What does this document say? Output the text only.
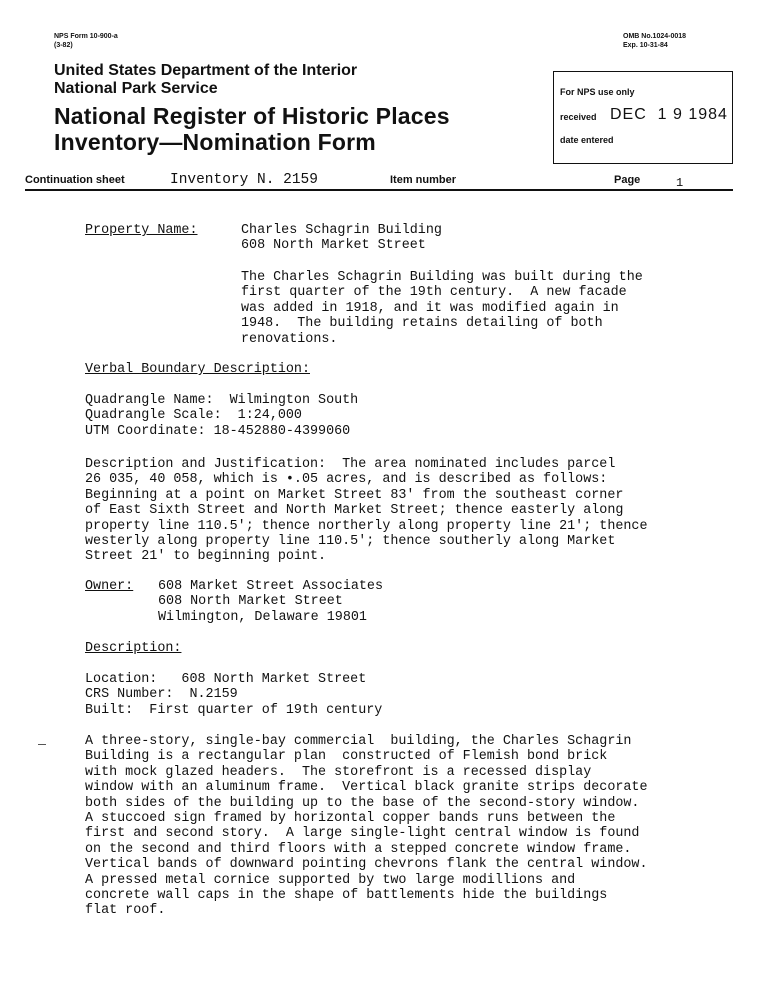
NPS Form 10-900-a
(3-82)
OMB No.1024-0018
Exp. 10-31-84
United States Department of the Interior
National Park Service
National Register of Historic Places
Inventory—Nomination Form
For NPS use only
received DEC  1 9 1984
date entered
Continuation sheet	Inventory N. 2159	Item number	Page	1
Property Name:	Charles Schagrin Building
608 North Market Street
The Charles Schagrin Building was built during the
first quarter of the 19th century.  A new facade
was added in 1918, and it was modified again in
1948.  The building retains detailing of both
renovations.
Verbal Boundary Description:
Quadrangle Name:  Wilmington South
Quadrangle Scale:  1:24,000
UTM Coordinate: 18-452880-4399060
Description and Justification:  The area nominated includes parcel
26 035, 40 058, which is •.05 acres, and is described as follows:
Beginning at a point on Market Street 83' from the southeast corner
of East Sixth Street and North Market Street; thence easterly along
property line 110.5'; thence northerly along property line 21'; thence
westerly along property line 110.5'; thence southerly along Market
Street 21' to beginning point.
Owner: 608 Market Street Associates
608 North Market Street
Wilmington, Delaware 19801
Description:
Location:   608 North Market Street
CRS Number:  N.2159
Built:  First quarter of 19th century
A three-story, single-bay commercial  building, the Charles Schagrin
Building is a rectangular plan  constructed of Flemish bond brick
with mock glazed headers.  The storefront is a recessed display
window with an aluminum frame.  Vertical black granite strips decorate
both sides of the building up to the base of the second-story window.
A stuccoed sign framed by horizontal copper bands runs between the
first and second story.  A large single-light central window is found
on the second and third floors with a stepped concrete window frame.
Vertical bands of downward pointing chevrons flank the central window.
A pressed metal cornice supported by two large modillions and
concrete wall caps in the shape of battlements hide the buildings
flat roof.
